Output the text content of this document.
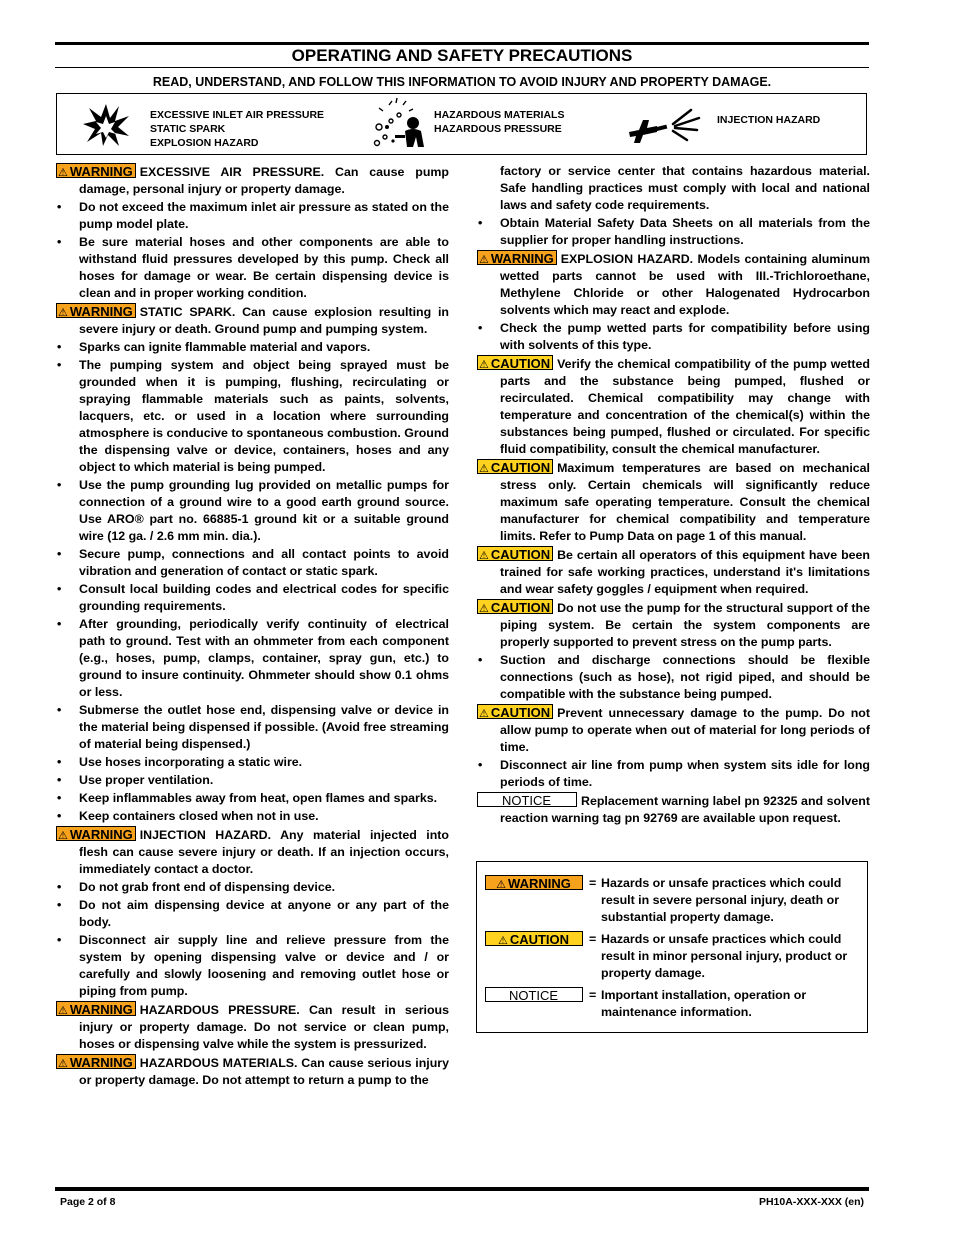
OPERATING AND SAFETY PRECAUTIONS
READ, UNDERSTAND, AND FOLLOW THIS INFORMATION TO AVOID INJURY AND PROPERTY DAMAGE.
EXCESSIVE INLET AIR PRESSURE
STATIC SPARK
EXPLOSION HAZARD
HAZARDOUS MATERIALS
HAZARDOUS PRESSURE
INJECTION HAZARD

⚠ WARNING EXCESSIVE AIR PRESSURE. Can cause pump damage, personal injury or property damage.

• Do not exceed the maximum inlet air pressure as stated on the pump model plate.
• Be sure material hoses and other components are able to withstand fluid pressures developed by this pump. Check all hoses for damage or wear. Be certain dispensing device is clean and in proper working condition.

⚠ WARNING STATIC SPARK. Can cause explosion resulting in severe injury or death. Ground pump and pumping system.

• Sparks can ignite flammable material and vapors.
• The pumping system and object being sprayed must be grounded when it is pumping, flushing, recirculating or spraying flammable materials such as paints, solvents, lacquers, etc. or used in a location where surrounding atmosphere is conducive to spontaneous combustion. Ground the dispensing valve or device, containers, hoses and any object to which material is being pumped.
• Use the pump grounding lug provided on metallic pumps for connection of a ground wire to a good earth ground source. Use ARO® part no. 66885-1 ground kit or a suitable ground wire (12 ga. / 2.6 mm min. dia.).
• Secure pump, connections and all contact points to avoid vibration and generation of contact or static spark.
• Consult local building codes and electrical codes for specific grounding requirements.
• After grounding, periodically verify continuity of electrical path to ground. Test with an ohmmeter from each component (e.g., hoses, pump, clamps, container, spray gun, etc.) to ground to insure continuity. Ohmmeter should show 0.1 ohms or less.
• Submerse the outlet hose end, dispensing valve or device in the material being dispensed if possible. (Avoid free streaming of material being dispensed.)
• Use hoses incorporating a static wire.
• Use proper ventilation.
• Keep inflammables away from heat, open flames and sparks.
• Keep containers closed when not in use.

⚠ WARNING INJECTION HAZARD. Any material injected into flesh can cause severe injury or death. If an injection occurs, immediately contact a doctor.

• Do not grab front end of dispensing device.
• Do not aim dispensing device at anyone or any part of the body.
• Disconnect air supply line and relieve pressure from the system by opening dispensing valve or device and / or carefully and slowly loosening and removing outlet hose or piping from pump.

⚠ WARNING HAZARDOUS PRESSURE. Can result in serious injury or property damage. Do not service or clean pump, hoses or dispensing valve while the system is pressurized.

⚠ WARNING HAZARDOUS MATERIALS. Can cause serious injury or property damage. Do not attempt to return a pump to the

factory or service center that contains hazardous material. Safe handling practices must comply with local and national laws and safety code requirements.

• Obtain Material Safety Data Sheets on all materials from the supplier for proper handling instructions.

⚠ WARNING EXPLOSION HAZARD. Models containing aluminum wetted parts cannot be used with III.-Trichloroethane, Methylene Chloride or other Halogenated Hydrocarbon solvents which may react and explode.

• Check the pump wetted parts for compatibility before using with solvents of this type.

⚠ CAUTION Verify the chemical compatibility of the pump wetted parts and the substance being pumped, flushed or recirculated. Chemical compatibility may change with temperature and concentration of the chemical(s) within the substances being pumped, flushed or circulated. For specific fluid compatibility, consult the chemical manufacturer.

⚠ CAUTION Maximum temperatures are based on mechanical stress only. Certain chemicals will significantly reduce maximum safe operating temperature. Consult the chemical manufacturer for chemical compatibility and temperature limits. Refer to Pump Data on page 1 of this manual.

⚠ CAUTION Be certain all operators of this equipment have been trained for safe working practices, understand it's limitations and wear safety goggles / equipment when required.

⚠ CAUTION Do not use the pump for the structural support of the piping system. Be certain the system components are properly supported to prevent stress on the pump parts.

• Suction and discharge connections should be flexible connections (such as hose), not rigid piped, and should be compatible with the substance being pumped.

⚠ CAUTION Prevent unnecessary damage to the pump. Do not allow pump to operate when out of material for long periods of time.

• Disconnect air line from pump when system sits idle for long periods of time.

NOTICE Replacement warning label pn 92325 and solvent reaction warning tag pn 92769 are available upon request.

⚠ WARNING = Hazards or unsafe practices which could result in severe personal injury, death or substantial property damage.
⚠ CAUTION = Hazards or unsafe practices which could result in minor personal injury, product or property damage.
NOTICE = Important installation, operation or maintenance information.
Page 2 of 8	PH10A-XXX-XXX (en)
